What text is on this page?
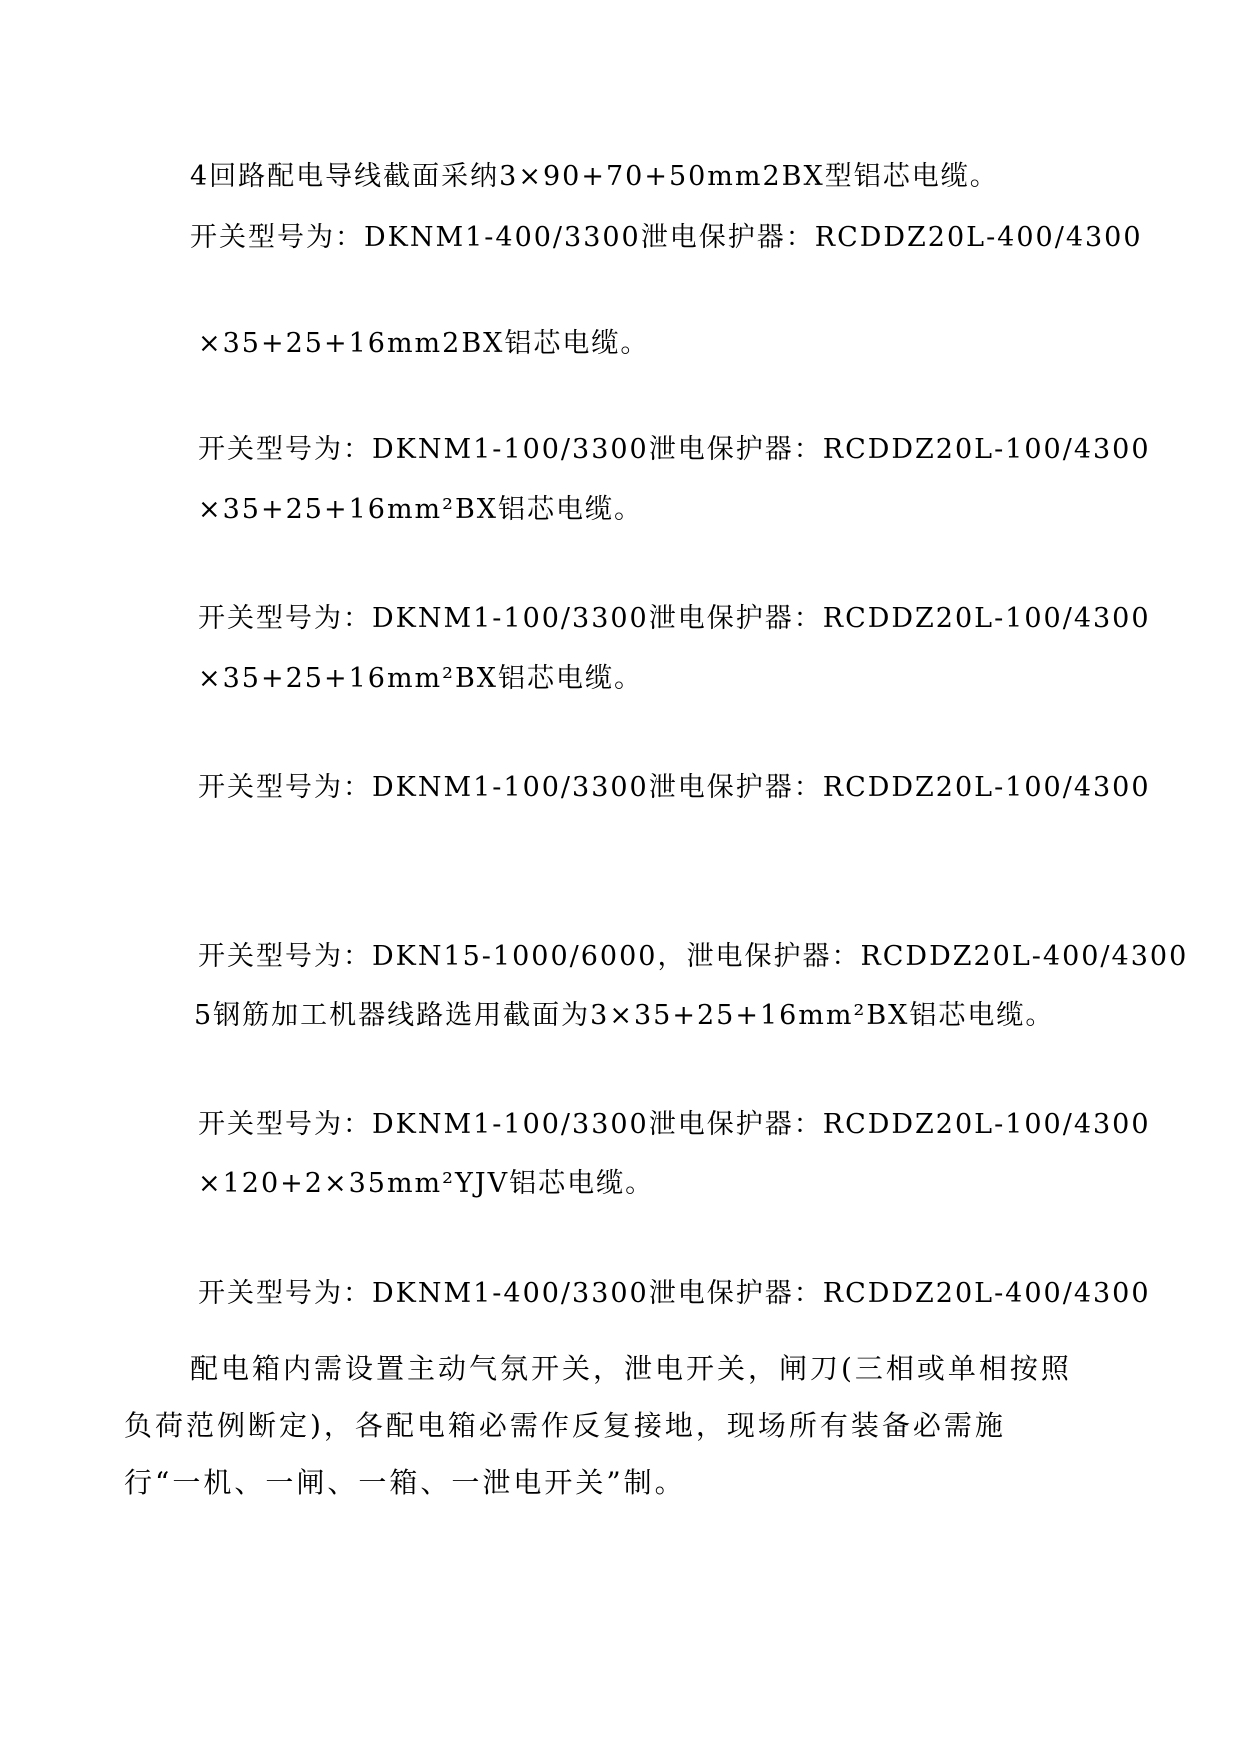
4回路配电导线截面采纳3×90+70+50mm2BX型铝芯电缆。
开关型号为：DKNM1-400/3300泄电保护器：RCDDZ20L-400/4300
×35+25+16mm2BX铝芯电缆。
开关型号为：DKNM1-100/3300泄电保护器：RCDDZ20L-100/4300
×35+25+16mm²BX铝芯电缆。
开关型号为：DKNM1-100/3300泄电保护器：RCDDZ20L-100/4300
×35+25+16mm²BX铝芯电缆。
开关型号为：DKNM1-100/3300泄电保护器：RCDDZ20L-100/4300
开关型号为：DKN15-1000/6000，泄电保护器：RCDDZ20L-400/4300
5钢筋加工机器线路选用截面为3×35+25+16mm²BX铝芯电缆。
开关型号为：DKNM1-100/3300泄电保护器：RCDDZ20L-100/4300
×120+2×35mm²YJV铝芯电缆。
开关型号为：DKNM1-400/3300泄电保护器：RCDDZ20L-400/4300
配电箱内需设置主动气氛开关，泄电开关，闸刀(三相或单相按照负荷范例断定)，各配电箱必需作反复接地，现场所有装备必需施行“一机、一闸、一箱、一泄电开关”制。
